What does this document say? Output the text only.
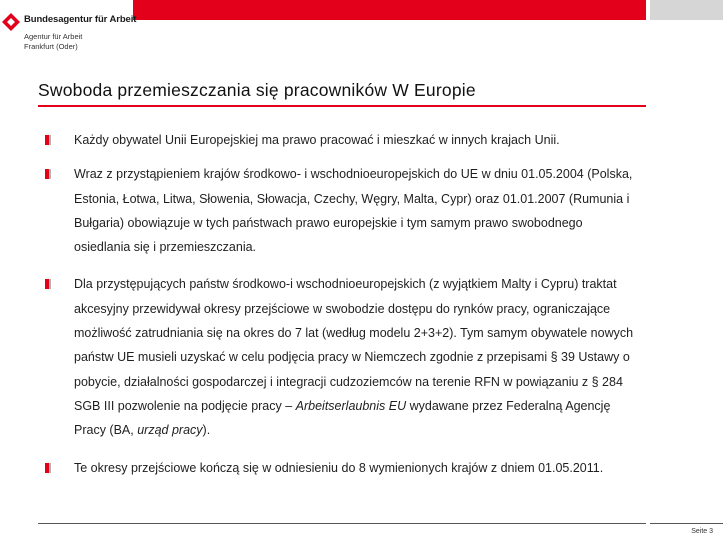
Bundesagentur für Arbeit
Agentur für Arbeit
Frankfurt (Oder)
Swoboda przemieszczania się pracowników W Europie
Każdy obywatel Unii Europejskiej ma prawo pracować i mieszkać w innych krajach Unii.
Wraz z przystąpieniem krajów środkowo- i wschodnioeuropejskich do UE w dniu 01.05.2004 (Polska, Estonia, Łotwa, Litwa, Słowenia, Słowacja, Czechy, Węgry, Malta, Cypr) oraz 01.01.2007 (Rumunia i Bułgaria) obowiązuje w tych państwach prawo europejskie i tym samym prawo swobodnego osiedlania się i przemieszczania.
Dla przystępujących państw środkowo-i wschodnioeuropejskich (z wyjątkiem Malty i Cypru) traktat akcesyjny przewidywał okresy przejściowe w swobodzie dostępu do rynków pracy, ograniczające możliwość zatrudniania się na okres do 7 lat (według modelu 2+3+2). Tym samym obywatele nowych państw UE musieli uzyskać w celu podjęcia pracy w Niemczech zgodnie z przepisami § 39 Ustawy o pobycie, działalności gospodarczej i integracji cudzoziemców na terenie RFN w powiązaniu z § 284 SGB III pozwolenie na podjęcie pracy – Arbeitserlaubnis EU wydawane przez Federalną Agencję Pracy (BA, urząd pracy).
Te okresy przejściowe kończą się w odniesieniu do 8 wymienionych krajów z dniem 01.05.2011.
Seite 3
